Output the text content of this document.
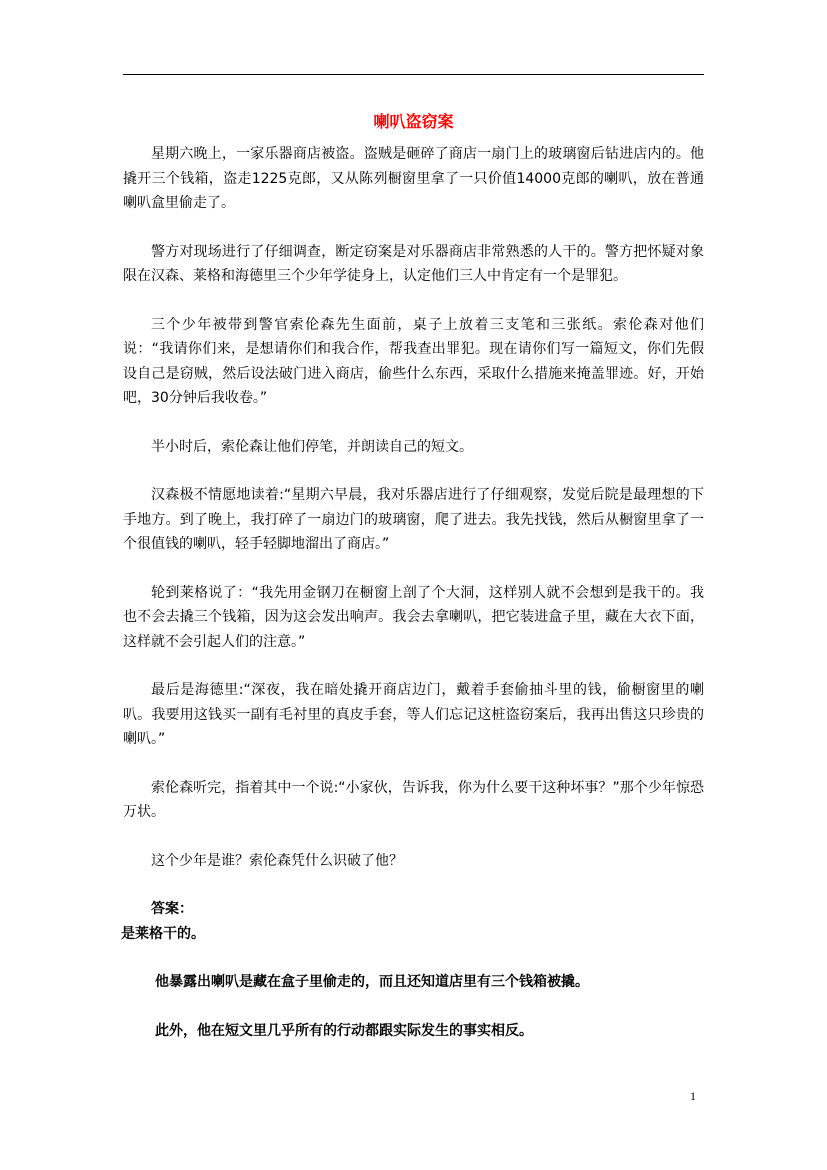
喇叭盗窃案

星期六晚上，一家乐器商店被盗。盗贼是砸碎了商店一扇门上的玻璃窗后钻进店内的。他撬开三个钱箱，盗走1225克郎，又从陈列橱窗里拿了一只价值14000克郎的喇叭，放在普通喇叭盒里偷走了。

警方对现场进行了仔细调查，断定窃案是对乐器商店非常熟悉的人干的。警方把怀疑对象限在汉森、莱格和海德里三个少年学徒身上，认定他们三人中肯定有一个是罪犯。

三个少年被带到警官索伦森先生面前，桌子上放着三支笔和三张纸。索伦森对他们说：“我请你们来，是想请你们和我合作，帮我查出罪犯。现在请你们写一篇短文，你们先假设自己是窃贼，然后设法破门进入商店，偷些什么东西，采取什么措施来掩盖罪迹。好，开始吧，30分钟后我收卷。”

半小时后，索伦森让他们停笔，并朗读自己的短文。

汉森极不情愿地读着:“星期六早晨，我对乐器店进行了仔细观察，发觉后院是最理想的下手地方。到了晚上，我打碎了一扇边门的玻璃窗，爬了进去。我先找钱，然后从橱窗里拿了一个很值钱的喇叭，轻手轻脚地溜出了商店。”

轮到莱格说了：“我先用金钢刀在橱窗上剖了个大洞，这样别人就不会想到是我干的。我也不会去撬三个钱箱，因为这会发出响声。我会去拿喇叭，把它装进盒子里，藏在大衣下面，这样就不会引起人们的注意。”

最后是海德里:“深夜，我在暗处撬开商店边门，戴着手套偷抽斗里的钱，偷橱窗里的喇叭。我要用这钱买一副有毛衬里的真皮手套，等人们忘记这桩盗窃案后，我再出售这只珍贵的喇叭。”

索伦森听完，指着其中一个说:“小家伙，告诉我，你为什么要干这种坏事？”那个少年惊恐万状。

这个少年是谁？索伦森凭什么识破了他？

答案：

是莱格干的。

他暴露出喇叭是藏在盒子里偷走的，而且还知道店里有三个钱箱被撬。

此外，他在短文里几乎所有的行动都跟实际发生的事实相反。

1
